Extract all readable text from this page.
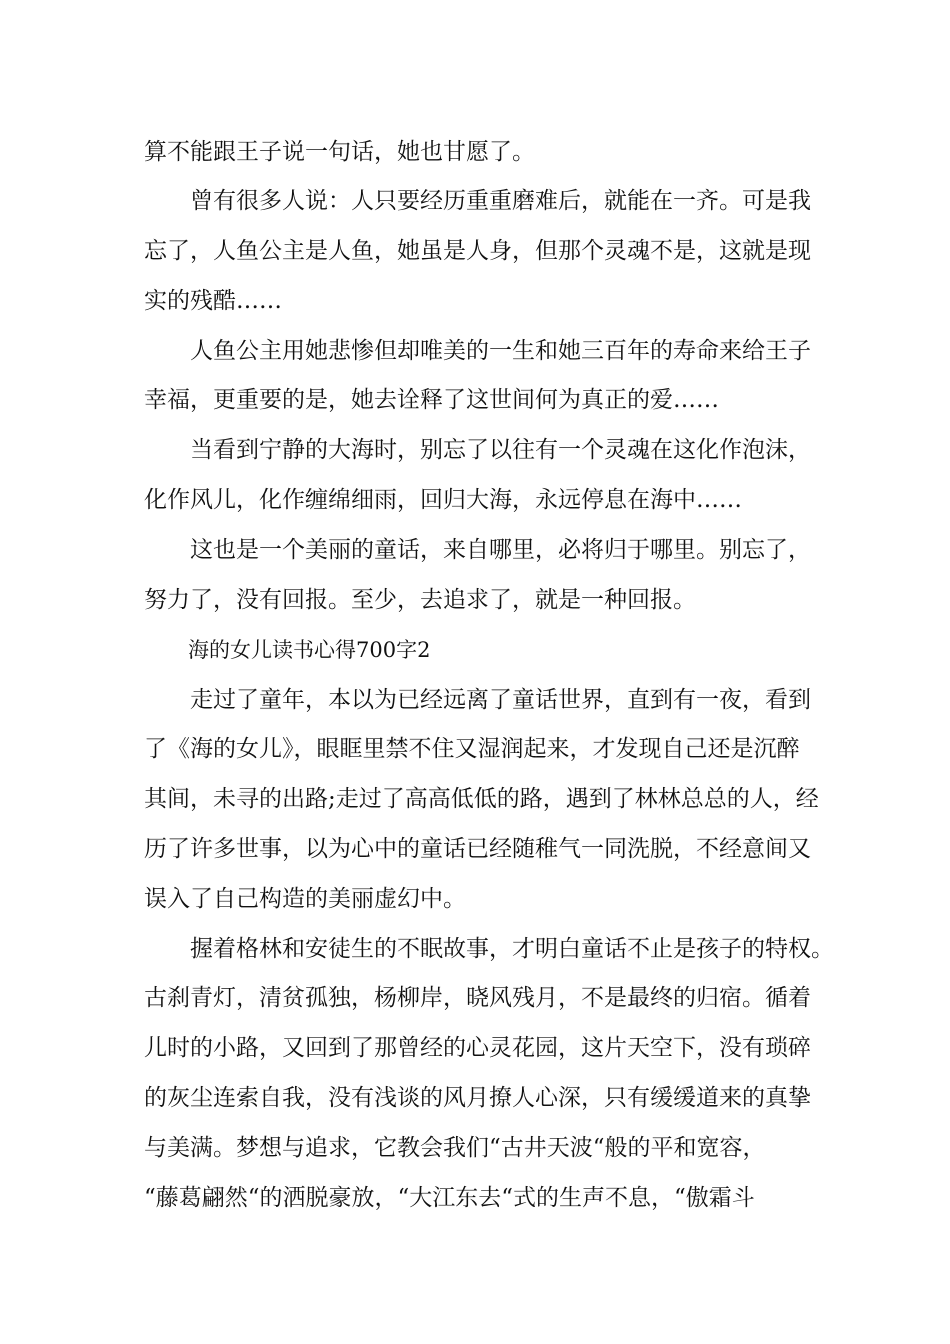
算不能跟王子说一句话，她也甘愿了。
曾有很多人说：人只要经历重重磨难后，就能在一齐。可是我
忘了，人鱼公主是人鱼，她虽是人身，但那个灵魂不是，这就是现
实的残酷……
人鱼公主用她悲惨但却唯美的一生和她三百年的寿命来给王子
幸福，更重要的是，她去诠释了这世间何为真正的爱……
当看到宁静的大海时，别忘了以往有一个灵魂在这化作泡沫，
化作风儿，化作缠绵细雨，回归大海，永远停息在海中……
这也是一个美丽的童话，来自哪里，必将归于哪里。别忘了，
努力了，没有回报。至少，去追求了，就是一种回报。
海的女儿读书心得700字2
走过了童年，本以为已经远离了童话世界，直到有一夜，看到
了《海的女儿》，眼眶里禁不住又湿润起来，才发现自己还是沉醉
其间，未寻的出路;走过了高高低低的路，遇到了林林总总的人，经
历了许多世事，以为心中的童话已经随稚气一同洗脱，不经意间又
误入了自己构造的美丽虚幻中。
握着格林和安徒生的不眠故事，才明白童话不止是孩子的特权。
古刹青灯，清贫孤独，杨柳岸，晓风残月，不是最终的归宿。循着
儿时的小路，又回到了那曾经的心灵花园，这片天空下，没有琐碎
的灰尘连索自我，没有浅谈的风月撩人心深，只有缓缓道来的真挚
与美满。梦想与追求，它教会我们“古井天波“般的平和宽容，
“藤葛翩然“的洒脱豪放，“大江东去“式的生声不息，“傲霜斗
